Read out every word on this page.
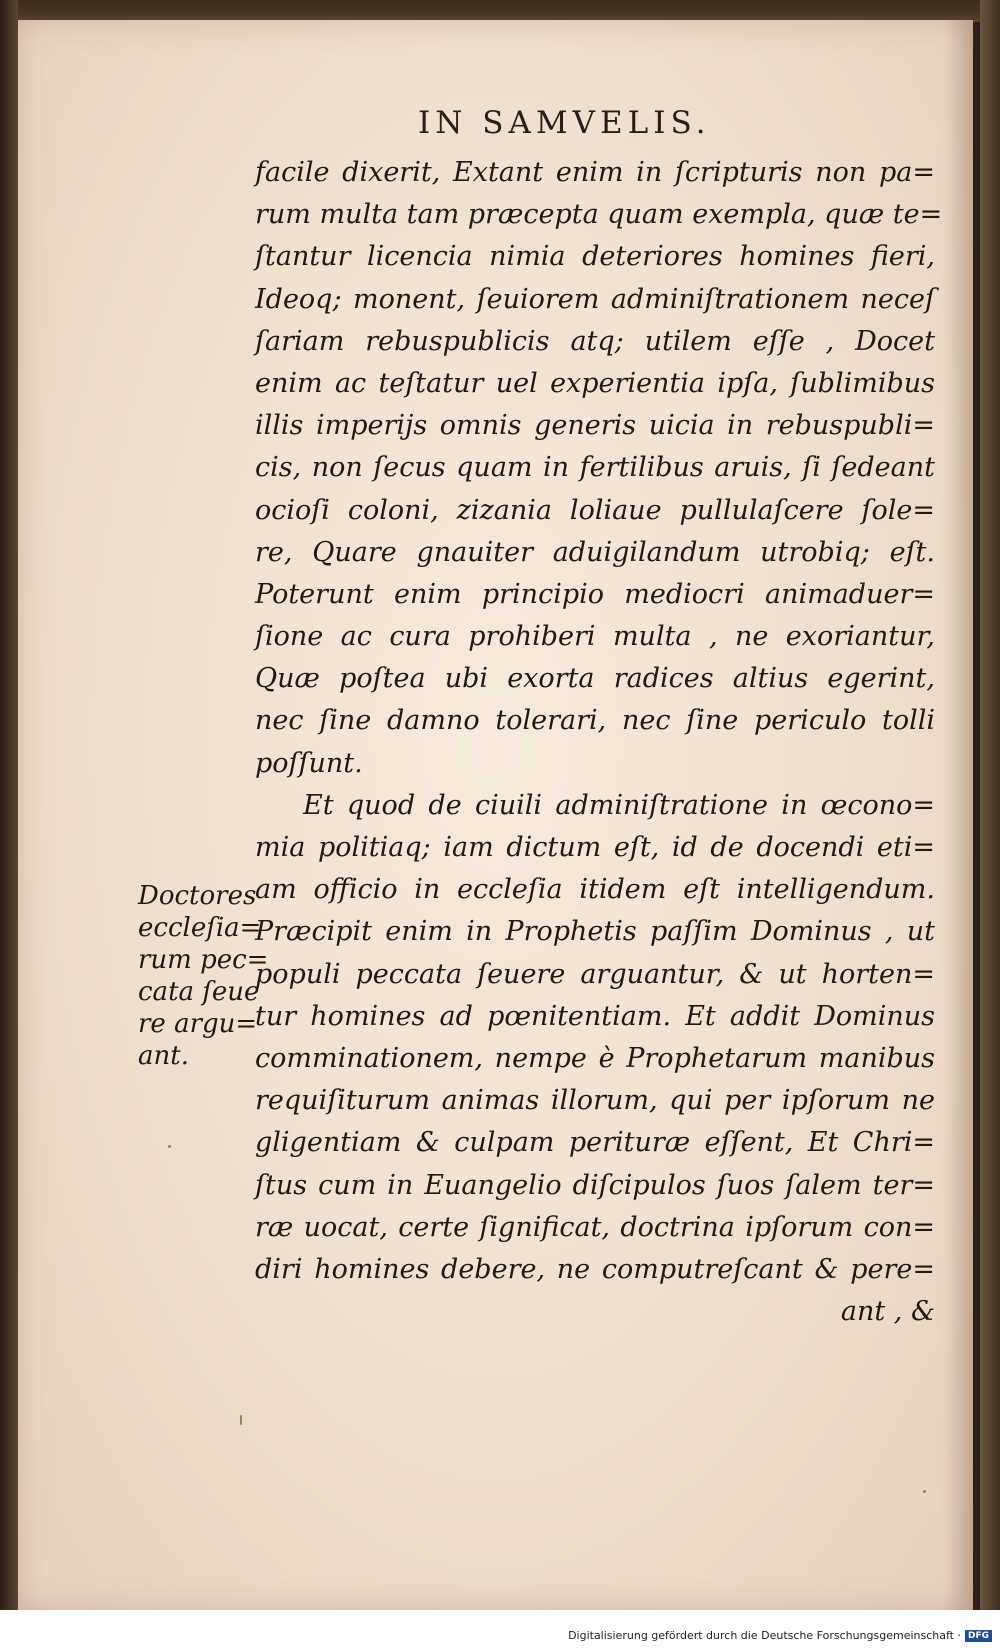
IN SAMVELIS.
facile dixerit, Extant enim in ſcripturis non pa=
rum multa tam præcepta quam exempla, quæ te=
ſtantur licencia nimia deteriores homines fieri,
Ideoq; monent, ſeuiorem adminiſtrationem neceſ
ſariam rebuspublicis atq; utilem eſſe , Docet
enim ac teſtatur uel experientia ipſa, ſublimibus
illis imperijs omnis generis uicia in rebuspubli=
cis, non ſecus quam in fertilibus aruis, ſi ſedeant
ocioſi coloni, zizania loliaue pullulaſcere ſole=
re, Quare gnauiter aduigilandum utrobiq; eſt.
Poterunt enim principio mediocri animaduer=
ſione ac cura prohiberi multa , ne exoriantur,
Quæ poſtea ubi exorta radices altius egerint,
nec ſine damno tolerari, nec ſine periculo tolli
poſſunt.
Et quod de ciuili adminiſtratione in œcono=
mia politiaq; iam dictum eſt, id de docendi eti=
am officio in eccleſia itidem eſt intelligendum.
Præcipit enim in Prophetis paſſim Dominus , ut
populi peccata ſeuere arguantur, & ut horten=
tur homines ad pœnitentiam. Et addit Dominus
comminationem, nempe è Prophetarum manibus
requiſiturum animas illorum, qui per ipſorum ne
gligentiam & culpam perituræ eſſent, Et Chri=
ſtus cum in Euangelio diſcipulos ſuos ſalem ter=
ræ uocat, certe ſignificat, doctrina ipſorum con=
diri homines debere, ne computreſcant & pere=
ant , &
Doctores
eccleſia=
rum pec=
cata ſeue
re argu=
ant.
Digitalisierung gefördert durch die Deutsche Forschungsgemeinschaft · DFG
